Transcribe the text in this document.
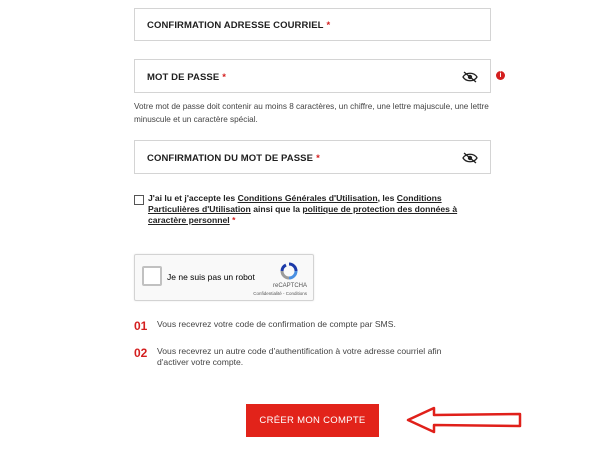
CONFIRMATION ADRESSE COURRIEL *
MOT DE PASSE *	i
Votre mot de passe doit contenir au moins 8 caractères, un chiffre, une lettre majuscule, une lettre minuscule et un caractère spécial.
CONFIRMATION DU MOT DE PASSE *
J'ai lu et j'accepte les Conditions Générales d'Utilisation, les Conditions Particulières d'Utilisation ainsi que la politique de protection des données à caractère personnel *
Je ne suis pas un robot
reCAPTCHA
Confidentialité - Conditions
01 Vous recevrez votre code de confirmation de compte par SMS.
02 Vous recevrez un autre code d'authentification à votre adresse courriel afin d'activer votre compte.
CRÉER MON COMPTE
